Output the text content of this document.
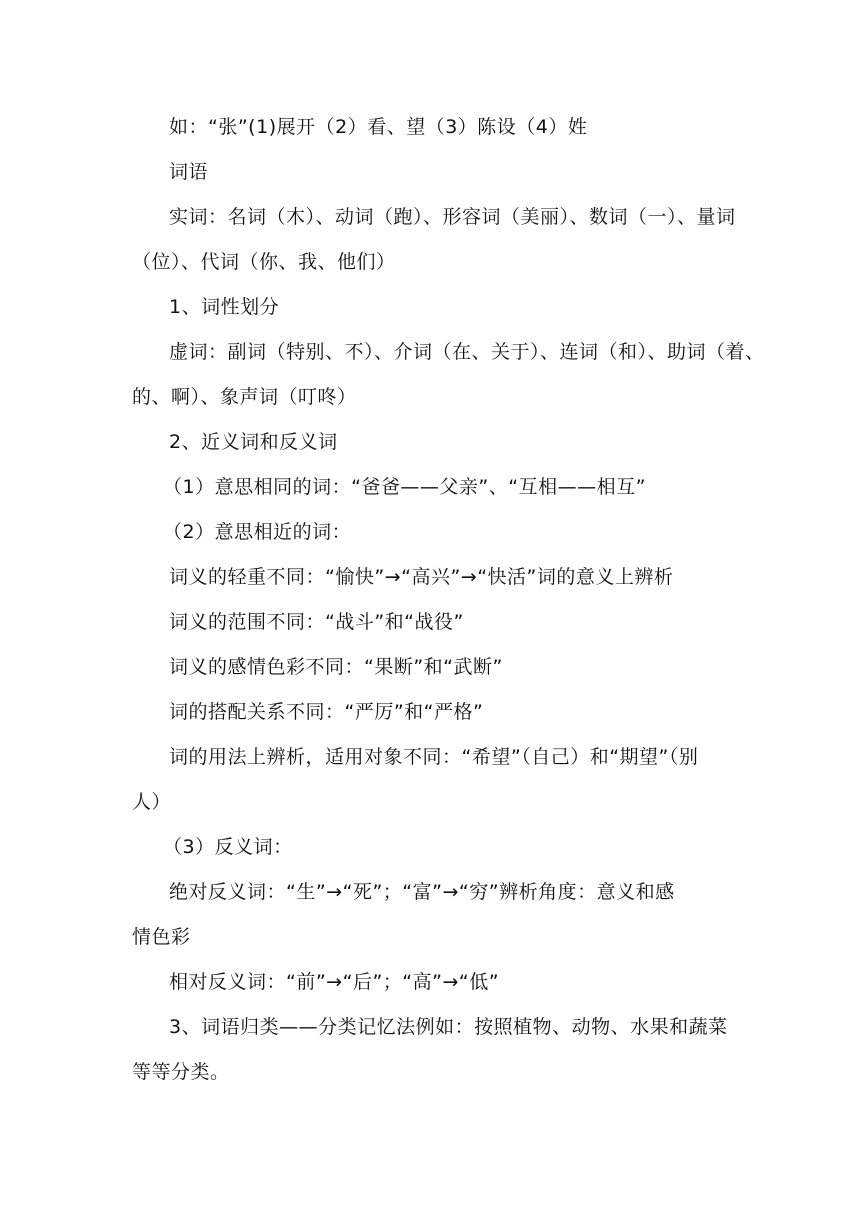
如：“张”(1)展开（2）看、望（3）陈设（4）姓
词语
实词：名词（木）、动词（跑）、形容词（美丽）、数词（一）、量词
（位）、代词（你、我、他们）
1、词性划分
虚词：副词（特别、不）、介词（在、关于）、连词（和）、助词（着、
的、啊）、象声词（叮咚）
2、近义词和反义词
（1）意思相同的词：“爸爸——父亲”、“互相——相互”
（2）意思相近的词：
词义的轻重不同：“愉快”→“高兴”→“快活”词的意义上辨析
词义的范围不同：“战斗”和“战役”
词义的感情色彩不同：“果断”和“武断”
词的搭配关系不同：“严厉”和“严格”
词的用法上辨析，适用对象不同：“希望”（自己）和“期望”（别
人）
（3）反义词：
绝对反义词：“生”→“死”；“富”→“穷”辨析角度：意义和感
情色彩
相对反义词：“前”→“后”；“高”→“低”
3、词语归类——分类记忆法例如：按照植物、动物、水果和蔬菜
等等分类。
